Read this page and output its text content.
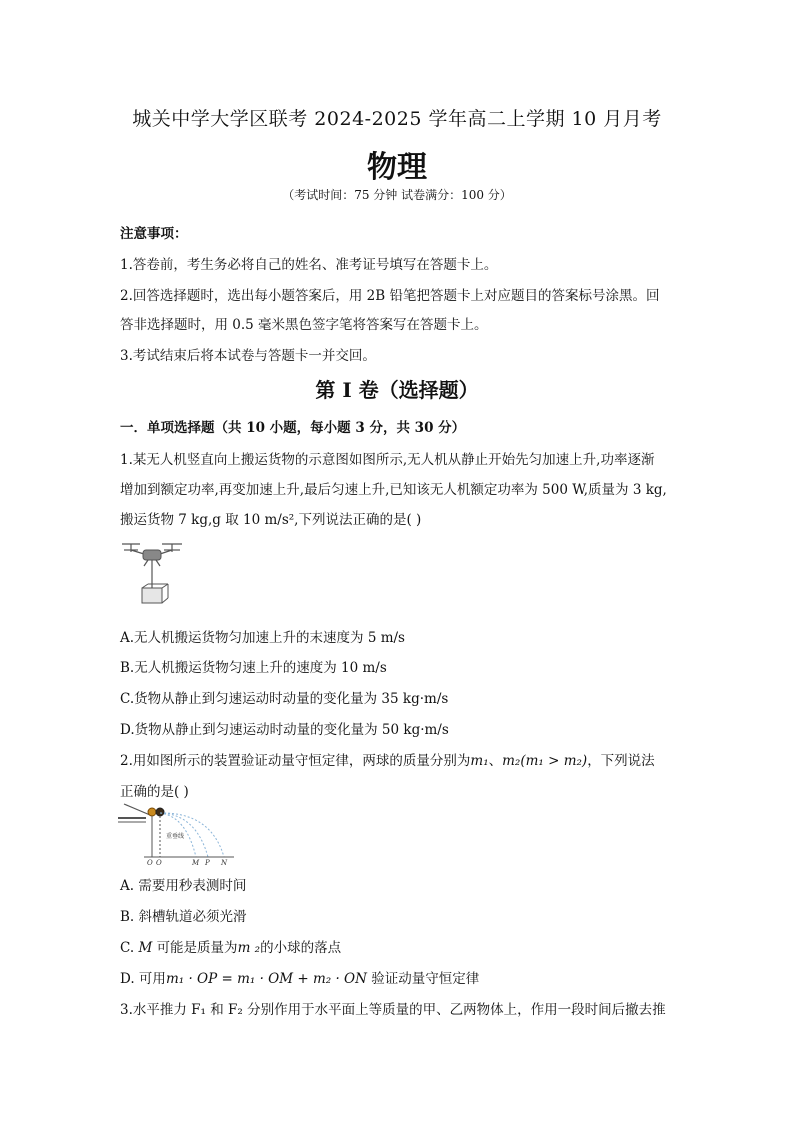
城关中学大学区联考 2024-2025 学年高二上学期 10 月月考
物理
（考试时间：75 分钟 试卷满分：100 分）
注意事项：
1.答卷前，考生务必将自己的姓名、准考证号填写在答题卡上。
2.回答选择题时，选出每小题答案后，用 2B 铅笔把答题卡上对应题目的答案标号涂黑。回
答非选择题时，用 0.5 毫米黑色签字笔将答案写在答题卡上。
3.考试结束后将本试卷与答题卡一并交回。
第 I 卷（选择题）
一．单项选择题（共 10 小题，每小题 3 分，共 30 分）
1.某无人机竖直向上搬运货物的示意图如图所示,无人机从静止开始先匀加速上升,功率逐渐
增加到额定功率,再变加速上升,最后匀速上升,已知该无人机额定功率为 500 W,质量为 3 kg,
搬运货物 7 kg,g 取 10 m/s²,下列说法正确的是( )
A.无人机搬运货物匀加速上升的末速度为 5 m/s
B.无人机搬运货物匀速上升的速度为 10 m/s
C.货物从静止到匀速运动时动量的变化量为 35 kg·m/s
D.货物从静止到匀速运动时动量的变化量为 50 kg·m/s
2.用如图所示的装置验证动量守恒定律，两球的质量分别为m₁、m₂(m₁ > m₂)，下列说法
正确的是( )
重垂线
O O	M P N
A. 需要用秒表测时间
B. 斜槽轨道必须光滑
C. M 可能是质量为m ₂的小球的落点
D. 可用m₁ · OP = m₁ · OM + m₂ · ON 验证动量守恒定律
3.水平推力 F₁ 和 F₂ 分别作用于水平面上等质量的甲、乙两物体上，作用一段时间后撤去推
